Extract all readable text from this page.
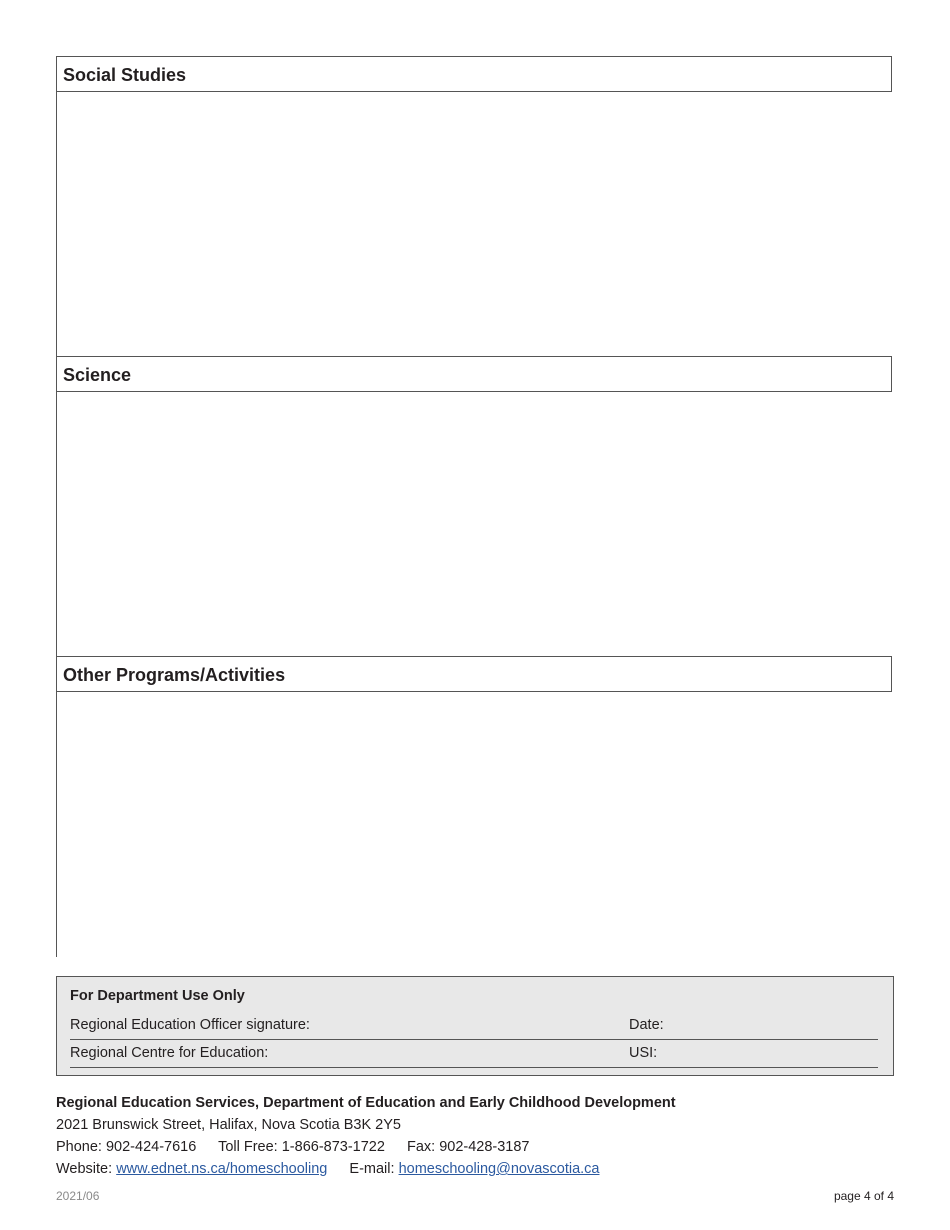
Social Studies
Science
Other Programs/Activities
For Department Use Only
Regional Education Officer signature:	Date:
Regional Centre for Education:	USI:
Regional Education Services, Department of Education and Early Childhood Development
2021 Brunswick Street, Halifax, Nova Scotia B3K 2Y5
Phone: 902-424-7616 Toll Free: 1-866-873-1722 Fax: 902-428-3187
Website: www.ednet.ns.ca/homeschooling E-mail: homeschooling@novascotia.ca
2021/06	page 4 of 4
